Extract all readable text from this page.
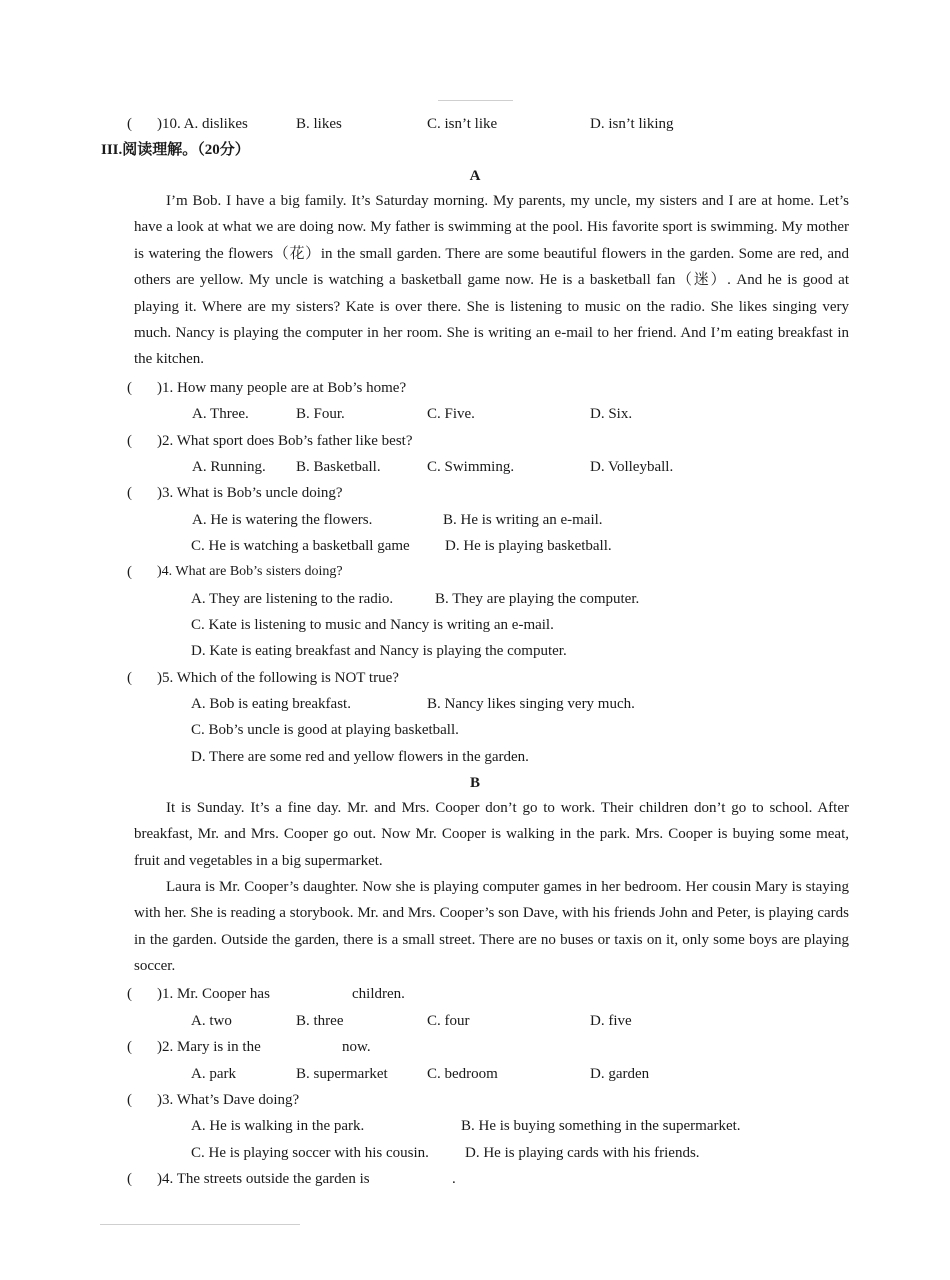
( )10. A. dislikes	B. likes	C. isn’t like	D. isn’t liking
III.阅读理解。（20分）
A

I’m Bob. I have a big family. It’s Saturday morning. My parents, my uncle, my sisters and I are at home. Let’s have a look at what we are doing now. My father is swimming at the pool. His favorite sport is swimming. My mother is watering the flowers（花）in the small garden. There are some beautiful flowers in the garden. Some are red, and others are yellow. My uncle is watching a basketball game now. He is a basketball fan（迷）. And he is good at playing it. Where are my sisters? Kate is over there. She is listening to music on the radio. She likes singing very much. Nancy is playing the computer in her room. She is writing an e-mail to her friend. And I’m eating breakfast in the kitchen.

( )1. How many people are at Bob’s home?
A. Three.	B. Four.	C. Five.	D. Six.
( )2. What sport does Bob’s father like best?
A. Running. B. Basketball.	C. Swimming.	D. Volleyball.
( )3. What is Bob’s uncle doing?
A. He is watering the flowers.	B. He is writing an e-mail.
C. He is watching a basketball game D. He is playing basketball.
( )4. What are Bob’s sisters doing?
A. They are listening to the radio.	B. They are playing the computer.
C. Kate is listening to music and Nancy is writing an e-mail.
D. Kate is eating breakfast and Nancy is playing the computer.
( )5. Which of the following is NOT true?
A. Bob is eating breakfast.	B. Nancy likes singing very much.
C. Bob’s uncle is good at playing basketball.
D. There are some red and yellow flowers in the garden.
B

It is Sunday. It’s a fine day. Mr. and Mrs. Cooper don’t go to work. Their children don’t go to school. After breakfast, Mr. and Mrs. Cooper go out. Now Mr. Cooper is walking in the park. Mrs. Cooper is buying some meat, fruit and vegetables in a big supermarket.

Laura is Mr. Cooper’s daughter. Now she is playing computer games in her bedroom. Her cousin Mary is staying with her. She is reading a storybook. Mr. and Mrs. Cooper’s son Dave, with his friends John and Peter, is playing cards in the garden. Outside the garden, there is a small street. There are no buses or taxis on it, only some boys are playing soccer.

( )1. Mr. Cooper has	children.
A. two	B. three	C. four	D. five
( )2. Mary is in the	now.
A. park	B. supermarket	C. bedroom	D. garden
( )3. What’s Dave doing?
A. He is walking in the park.	B. He is buying something in the supermarket.
C. He is playing soccer with his cousin. D. He is playing cards with his friends.
( )4. The streets outside the garden is	.
